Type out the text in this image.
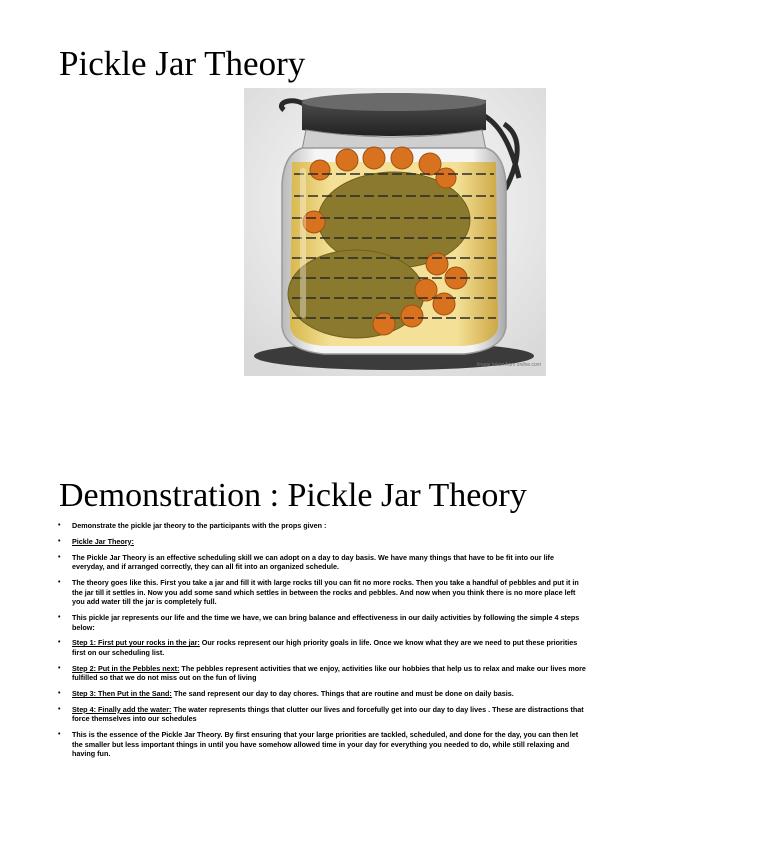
Pickle Jar Theory
Image taken from online.com
Demonstration : Pickle Jar Theory
• Demonstrate the pickle jar theory to the participants with the props given :
• Pickle Jar Theory:
• The Pickle Jar Theory is an effective scheduling skill we can adopt on a day to day basis. We have many things that have to be fit into our life everyday, and if arranged correctly, they can all fit into an organized schedule.
• The theory goes like this. First you take a jar and fill it with large rocks till you can fit no more rocks. Then you take a handful of pebbles and put it in the jar till it settles in. Now you add some sand which settles in between the rocks and pebbles. And now when you think there is no more place left you add water till the jar is completely full.
• This pickle jar represents our life and the time we have, we can bring balance and effectiveness in our daily activities by following the simple 4 steps below:
• Step 1: First put your rocks in the jar: Our rocks represent our high priority goals in life. Once we know what they are we need to put these priorities first on our scheduling list.
• Step 2: Put in the Pebbles next: The pebbles represent activities that we enjoy, activities like our hobbies that help us to relax and make our lives more fulfilled so that we do not miss out on the fun of living
• Step 3: Then Put in the Sand: The sand represent our day to day chores. Things that are routine and must be done on daily basis.
• Step 4: Finally add the water: The water represents things that clutter our lives and forcefully get into our day to day lives . These are distractions that force themselves into our schedules
• This is the essence of the Pickle Jar Theory. By first ensuring that your large priorities are tackled, scheduled, and done for the day, you can then let the smaller but less important things in until you have somehow allowed time in your day for everything you needed to do, while still relaxing and having fun.
